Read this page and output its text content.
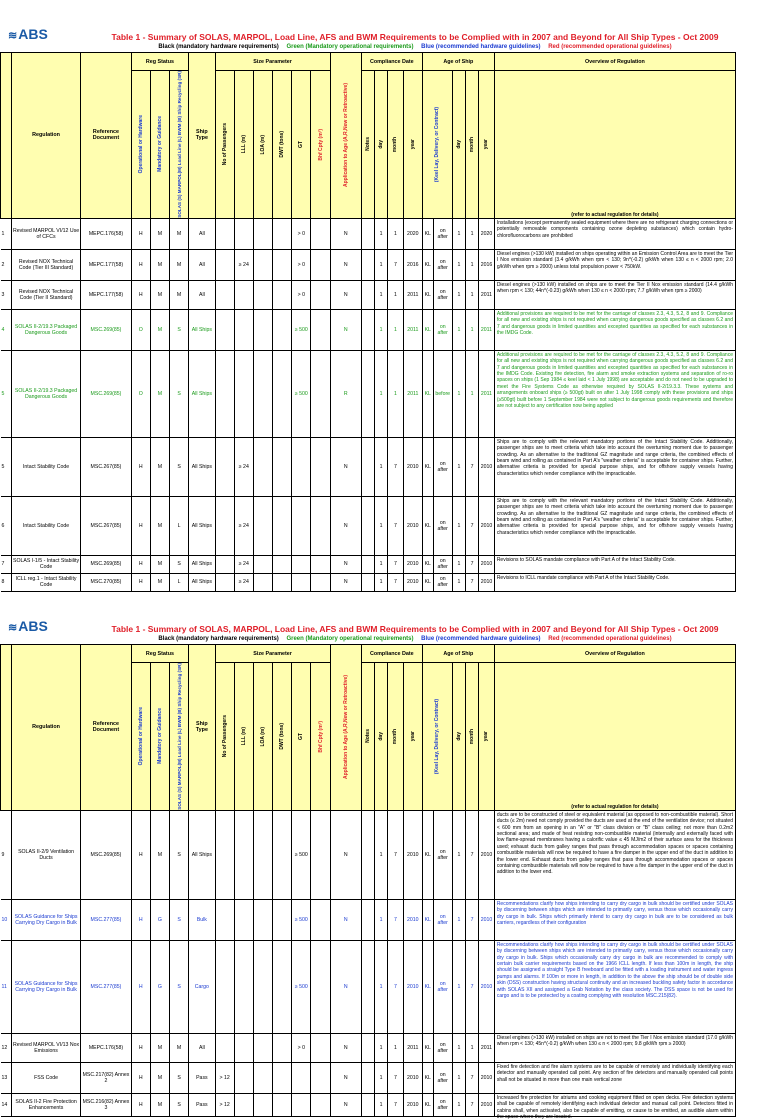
≋ABS	Table 1 - Summary of SOLAS, MARPOL, Load Line, AFS and BWM Requirements to be Complied with in 2007 and Beyond for All Ship Types - Oct 2009
Black (mandatory hardware requirements) Green (Mandatory operational requirements) Blue (recommended hardware guidelines) Red (recommended operational guidelines)
	Regulation	Reference Document	Reg Status			Ship Type	Size Parameter						Application to Age (A,R,New or Retroactive)	Compliance Date				Age of Ship					Overview of Regulation

			Operational or Hardware	Mandatory or Guidance	SOLAS (S) MARPOL(M) Load Line (L) BWM (B) Ship Recycling (SR)		No of Passengers	LLL (m)	LOA (m)	DWT (tons)	GT	Bhf Cpty (m³)		Notes	day	month	year	(Keel Lay, Delivery, or Contract)		day	month	year	(refer to actual regulation for details)
1	Revised MARPOL VI/12 Use of CFCs	MEPC.176(58)	H	M	M	All					> 0		N		1	1	2020	KL	on after	1	1	2020	Installations (except permanently sealed equipment where there are no refrigerant charging connections or potentially removable components containing ozone depleting substances) which contain hydro-chlorofluorocarbons are prohibited

2	Revised NOX Technical Code (Tier III Standard)	MEPC.177(58)	H	M	M	All		≥ 24			> 0		N		1	7	2016	KL	on after	1	1	2016	Diesel engines (>130 kW) installed on ships operating within an Emission Control Area are to meet the Tier I Nox emission standard (3.4 g/kWh when rpm < 130; 9n^(-0.2) g/kWh when 130 ≤ n < 2000 rpm; 2.0 g/kWh when rpm ≥ 2000) unless total propulsion power < 750kW.

3	Revised NOX Technical Code (Tier II Standard)	MEPC.177(58)	H	M	M	All					> 0		N		1	1	2011	KL	on after	1	1	2011	Diesel engines (>130 kW) installed on ships are to meet the Tier II Nox emission standard (14.4 g/kWh when rpm < 130; 44n^(-0.23) g/kWh when 130 ≤ n < 2000 rpm; 7.7 g/kWh when rpm ≥ 2000)

4	SOLAS II-2/19.3 Packaged Dangerous Goods	MSC.269(85)	O	M	S	All Ships					≥ 500		N		1	1	2011	KL	on after	1	1	2011	Additional provisions are required to be met for the carriage of classes 2.3, 4.3, 5.2, 8 and 9. Compliance for all new and existing ships is not required when carrying dangerous goods specified as classes 6.2 and 7 and dangerous goods in limited quantities and excepted quantities as specified for each substances in the IMDG Code.

5	SOLAS II-2/19.3 Packaged Dangerous Goods	MSC.269(85)	O	M	S	All Ships					≥ 500		R		1	1	2011	KL	before	1	1	2011	Additional provisions are required to be met for the carriage of classes 2.3, 4.3, 5.2, 8 and 9. Compliance for all new and existing ships is not required when carrying dangerous goods specified as classes 6.2 and 7 and dangerous goods in limited quantities and excepted quantities as specified for each substances in the IMDG Code. Existing fire detection, fire alarm and smoke extraction systems and separation of ro-ro spaces on ships (1 Sep 1984 ≤ keel laid < 1 July 1998) are acceptable and do not need to be upgraded to meet the Fire Systems Code as otherwise required by SOLAS II-2/19.3.3. These systems and arrangements onboard ships (≥ 500gt) built on after 1 July 1998 comply with these provisions and ships (≥500gt) built before 1 September 1984 were not subject to dangerous goods requirements and therefore are not subject to any certification now being applied

5	Intact Stability Code	MSC.267(85)	H	M	S	All Ships		≥ 24					N		1	7	2010	KL	on after	1	7	2010	Ships are to comply with the relevant mandatory portions of the Intact Stability Code. Additionally, passenger ships are to meet criteria which take into account the overturning moment due to passenger crowding. As an alternative to the traditional GZ magnitude and range criteria, the combined effects of beam wind and rolling as contained in Part A's "weather criteria" is acceptable for container ships. Further, alternative criteria is provided for special purpose ships, and for offshore supply vessels having characteristics which render compliance with the impracticable.

6	Intact Stability Code	MSC.267(85)	H	M	L	All Ships		≥ 24					N		1	7	2010	KL	on after	1	7	2010	Ships are to comply with the relevant mandatory portions of the Intact Stability Code. Additionally, passenger ships are to meet criteria which take into account the overturning moment due to passenger crowding. As an alternative to the traditional GZ magnitude and range criteria, the combined effects of beam wind and rolling as contained in Part A's "weather criteria" is acceptable for container ships. Further, alternative criteria is provided for special purpose ships, and for offshore supply vessels having characteristics which render compliance with the impracticable.

7	SOLAS I-1/5 - Intact Stability Code	MSC.269(85)	H	M	S	All Ships		≥ 24					N		1	7	2010	KL	on after	1	7	2010	Revisions to SOLAS mandate compliance with Part A of the Intact Stability Code.

8	ICLL reg.1 - Intact Stability Code	MSC.270(85)	H	M	L	All Ships		≥ 24					N		1	7	2010	KL	on after	1	7	2010	Revisions to ICLL mandate compliance with Part A of the Intact Stability Code.
≋ABS	Table 1 - Summary of SOLAS, MARPOL, Load Line, AFS and BWM Requirements to be Complied with in 2007 and Beyond for All Ship Types - Oct 2009
Black (mandatory hardware requirements) Green (Mandatory operational requirements) Blue (recommended hardware guidelines) Red (recommended operational guidelines)
	Regulation	Reference Document	Reg Status			Ship Type	Size Parameter						Application to Age (A,R,New or Retroactive)	Compliance Date				Age of Ship					Overview of Regulation

			Operational or Hardware	Mandatory or Guidance	SOLAS (S) MARPOL(M) Load Line (L) BWM (B) Ship Recycling (SR)		No of Passengers	LLL (m)	LOA (m)	DWT (tons)	GT	Bhf Cpty (m³)		Notes	day	month	year	(Keel Lay, Delivery, or Contract)		day	month	year	(refer to actual regulation for details)
9	SOLAS II-2/9 Ventilation Ducts	MSC.269(85)	H	M	S	All Ships					≥ 500		N		1	7	2010	KL	on after	1	7	2010	ducts are to be constructed of steel or equivalent material (as opposed to non-combustible material). Short ducts (≤ 2m) need not comply provided the ducts are used at the end of the ventilation device; not situated < 600 mm from an opening in an "A" or "B" class division or "B" class ceiling; not more than 0.2m2 sectional area; and made of heat resisting non-combustible material (internally and externally faced with low flame-spread membranes having a calorific value ≤ 45 MJ/m2 of their surface area for the thickness used; exhaust ducts from galley ranges that pass through accommodation spaces or spaces containing combustible materials will now be required to have a fire damper in the upper end of the duct in addition to the lower end. Exhaust ducts from galley ranges that pass through accommodation spaces or spaces containing combustible materials will now be required to have a fire damper in the upper end of the duct in addition to the lower end.

10	SOLAS Guidance for Ships Carrying Dry Cargo in Bulk	MSC.277(85)	H	G	S	Bulk					≥ 500		N		1	7	2010	KL	on after	1	7	2010	Recommendations clarify how ships intending to carry dry cargo in bulk should be certified under SOLAS by discerning between ships which are intended to primarily carry, versus those which occasionally carry dry cargo in bulk. Ships which primarily intend to carry dry cargo in bulk are to be considered as bulk carriers, regardless of their configuration

11	SOLAS Guidance for Ships Carrying Dry Cargo in Bulk	MSC.277(85)	H	G	S	Cargo					≥ 500		N		1	7	2010	KL	on after	1	7	2010	Recommendations clarify how ships intending to carry dry cargo in bulk should be certified under SOLAS by discerning between ships which are intended to primarily carry, versus those which occasionally carry dry cargo in bulk. Ships which occasionally carry dry cargo in bulk are recommended to comply with certain bulk carrier requirements based on the 1966 ICLL length. If less than 100m in length, the ship should be assigned a straight Type B freeboard and be fitted with a loading instrument and water ingress pumps and alarms. If 100m or more in length, in addition to the above the ship should be of double side skin (DSS) construction having structural continuity and an increased buckling safety factor in accordance with SOLAS XII and assigned a Grab Notation by the class society. The DSS space is not be used for cargo and is to be protected by a coating complying with resolution MSC.215(82).

12	Revised MARPOL VI/13 Nox Emissions	MEPC.176(58)	H	M	M	All					> 0		N		1	1	2011	KL	on after	1	1	2011	Diesel engines (>130 kW) installed on ships are not to meet the Tier I Nox emission standard (17.0 g/kWh when rpm < 130; 45n^(-0.2) g/kWh when 130 ≤ n < 2000 rpm; 9.8 g/kWh rpm ≥ 2000)

13	FSS Code	MSC.217(82) Annex 2	H	M	S	Pass	> 12						N		1	7	2010	KL	on after	1	7	2010	Fixed fire detection and fire alarm systems are to be capable of remotely and individually identifying each detector and manually operated call point. Any section of fire detectors and manually operated call points shall not be situated in more than one main vertical zone

14	SOLAS II-2 Fire Protection Enhancements	MSC.216(82) Annex 3	H	M	S	Pass	> 12						N		1	7	2010	KL	on after	1	7	2010	Increased fire protection for atriums and cooking equipment fitted on open decks. Fire detection systems shall be capable of remotely identifying each individual detector and manual call point. Detectors fitted in cabins shall, when activated, also be capable of emitting, or cause to be emitted, an audible alarm within the space where they are located.
